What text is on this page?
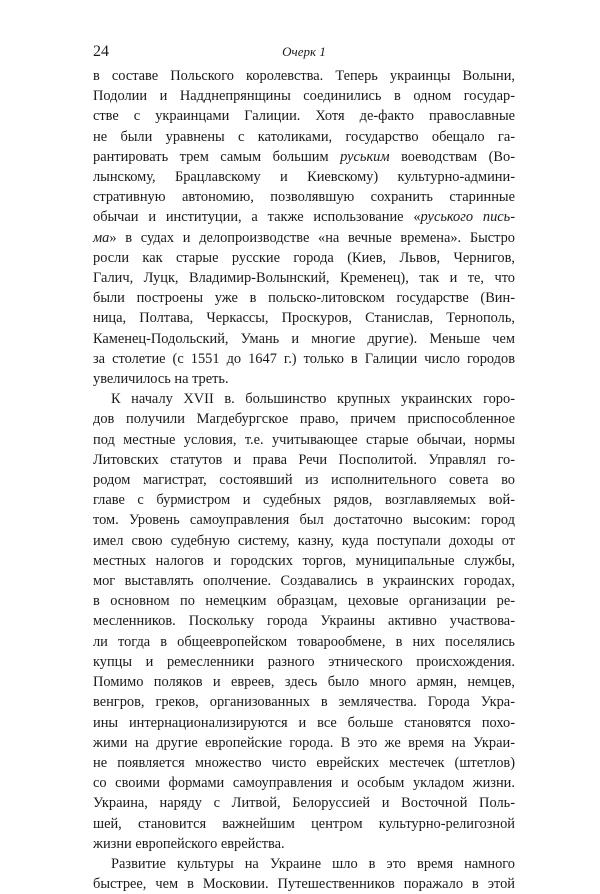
24	Очерк 1

в составе Польского королевства. Теперь украинцы Волыни,
Подолии и Надднепрянщины соединились в одном государ-
стве с украинцами Галиции. Хотя де-факто православные
не были уравнены с католиками, государство обещало га-
рантировать трем самым большим руським воеводствам (Во-
лынскому, Брацлавскому и Киевскому) культурно-админи-
стративную автономию, позволявшую сохранить старинные
обычаи и институции, а также использование «руського пись-
ма» в судах и делопроизводстве «на вечные времена». Быстро
росли как старые русские города (Киев, Львов, Чернигов,
Галич, Луцк, Владимир-Волынский, Кременец), так и те, что
были построены уже в польско-литовском государстве (Вин-
ница, Полтава, Черкассы, Проскуров, Станислав, Тернополь,
Каменец-Подольский, Умань и многие другие). Меньше чем
за столетие (с 1551 до 1647 г.) только в Галиции число городов
увеличилось на треть.

К началу XVII в. большинство крупных украинских горо-
дов получили Магдебургское право, причем приспособленное
под местные условия, т.е. учитывающее старые обычаи, нормы
Литовских статутов и права Речи Посполитой. Управлял го-
родом магистрат, состоявший из исполнительного совета во
главе с бурмистром и судебных рядов, возглавляемых вой-
том. Уровень самоуправления был достаточно высоким: город
имел свою судебную систему, казну, куда поступали доходы от
местных налогов и городских торгов, муниципальные службы,
мог выставлять ополчение. Создавались в украинских городах,
в основном по немецким образцам, цеховые организации ре-
месленников. Поскольку города Украины активно участвова-
ли тогда в общеевропейском товарообмене, в них поселялись
купцы и ремесленники разного этнического происхождения.
Помимо поляков и евреев, здесь было много армян, немцев,
венгров, греков, организованных в землячества. Города Укра-
ины интернационализируются и все больше становятся похо-
жими на другие европейские города. В это же время на Украи-
не появляется множество чисто еврейских местечек (штетлов)
со своими формами самоуправления и особым укладом жизни.
Украина, наряду с Литвой, Белоруссией и Восточной Поль-
шей, становится важнейшим центром культурно-религозной
жизни европейского еврейства.

Развитие культуры на Украине шло в это время намного
быстрее, чем в Московии. Путешественников поражало в этой
